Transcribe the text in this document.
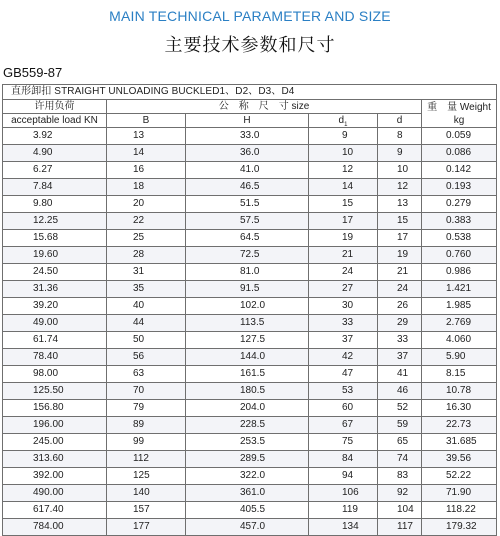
MAIN TECHNICAL PARAMETER AND SIZE
主要技术参数和尺寸
GB559-87
直形卸扣 STRAIGHT UNLOADING BUCKLED1、D2、D3、D4					
许用负荷	公　称　尺　寸 size				重　量 Weight
kg
acceptable load KN	B	H	$d_1$	d	
3.92	13	33.0	9	8	0.059
4.90	14	36.0	10	9	0.086
6.27	16	41.0	12	10	0.142
7.84	18	46.5	14	12	0.193
9.80	20	51.5	15	13	0.279
12.25	22	57.5	17	15	0.383
15.68	25	64.5	19	17	0.538
19.60	28	72.5	21	19	0.760
24.50	31	81.0	24	21	0.986
31.36	35	91.5	27	24	1.421
39.20	40	102.0	30	26	1.985
49.00	44	113.5	33	29	2.769
61.74	50	127.5	37	33	4.060
78.40	56	144.0	42	37	5.90
98.00	63	161.5	47	41	8.15
125.50	70	180.5	53	46	10.78
156.80	79	204.0	60	52	16.30
196.00	89	228.5	67	59	22.73
245.00	99	253.5	75	65	31.685
313.60	112	289.5	84	74	39.56
392.00	125	322.0	94	83	52.22
490.00	140	361.0	106	92	71.90
617.40	157	405.5	119	104	118.22
784.00	177	457.0	134	117	179.32
